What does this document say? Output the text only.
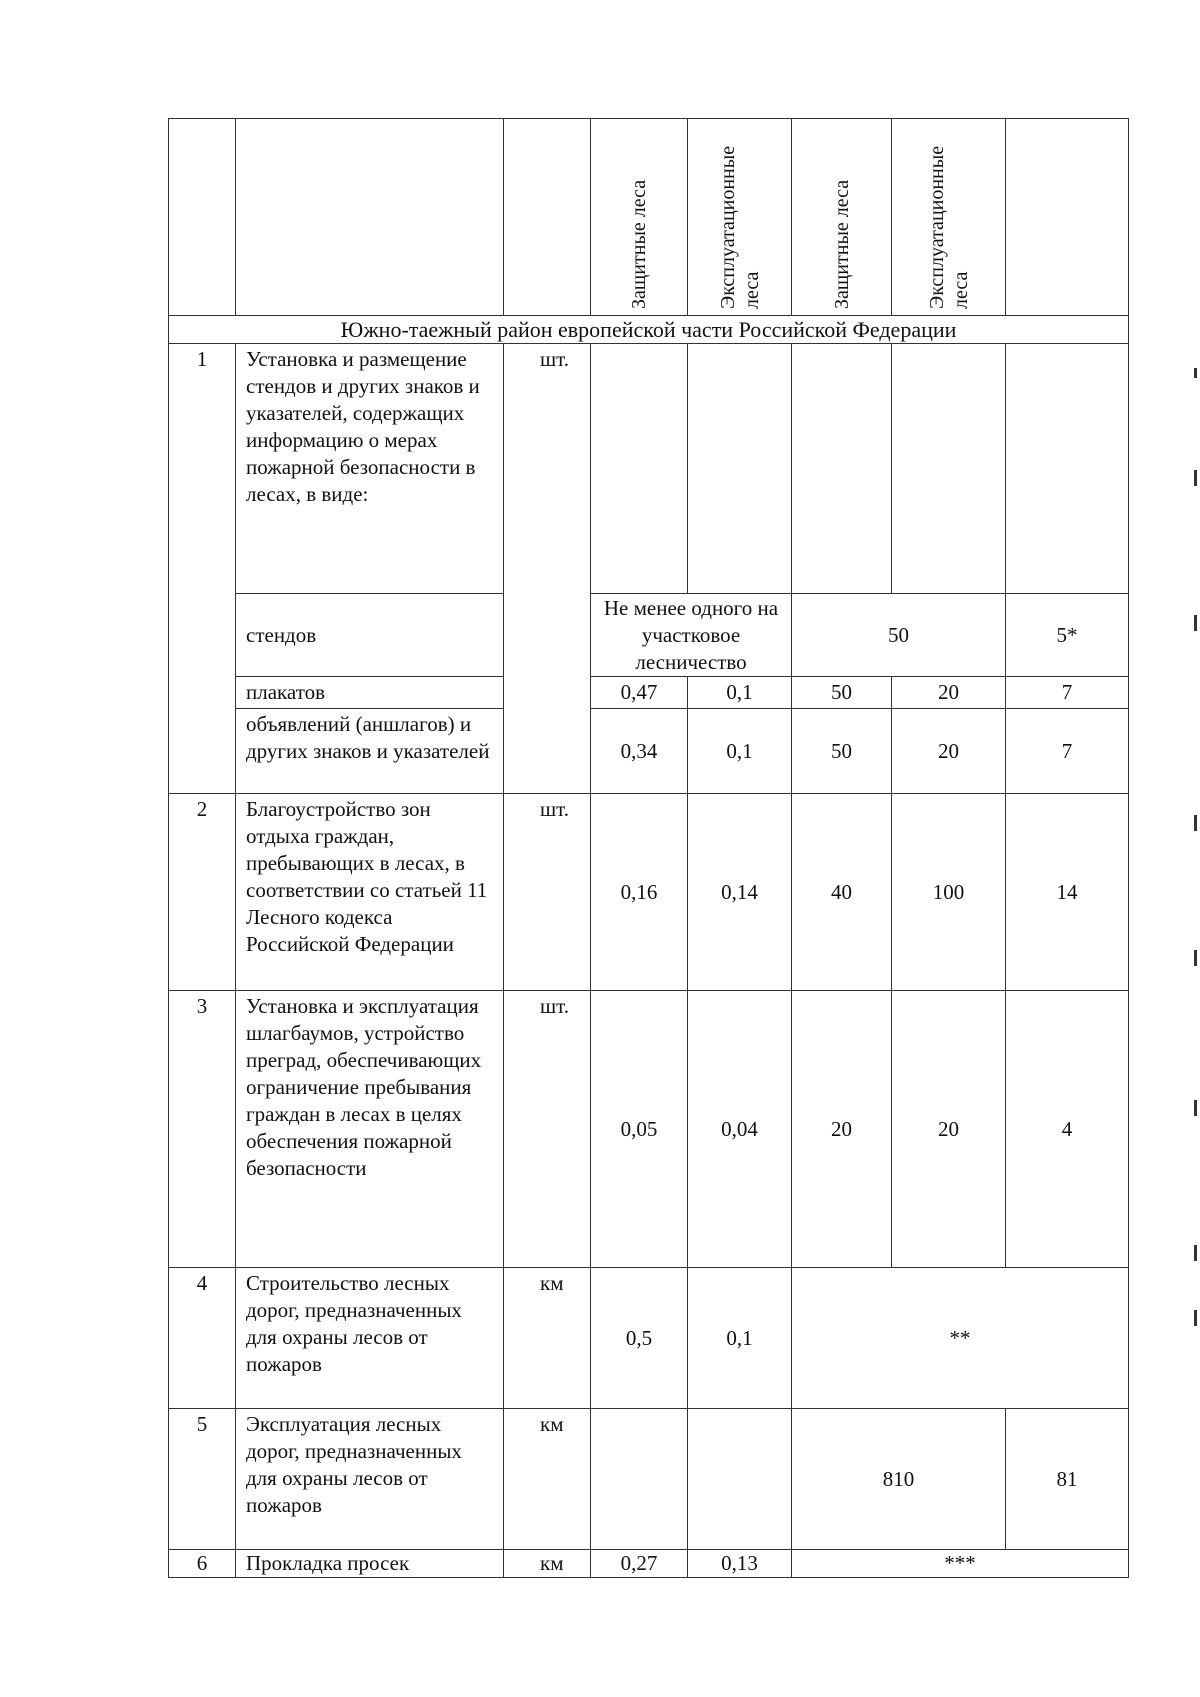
			Защитные леса	Эксплуатационные леса	Защитные леса	Эксплуатационные леса	

Южно-таежный район европейской части Российской Федерации							
1	Установка и размещение стендов и других знаков и указателей, содержащих информацию о мерах пожарной безопасности в лесах, в виде:	шт.					
	стендов		Не менее одного на участковое лесничество		50		5*
	плакатов		0,47	0,1	50	20	7
	объявлений (аншлагов) и других знаков и указателей		0,34	0,1	50	20	7
2	Благоустройство зон отдыха граждан, пребывающих в лесах, в соответствии со статьей 11 Лесного кодекса Российской Федерации	шт.	0,16	0,14	40	100	14
3	Установка и эксплуатация шлагбаумов, устройство преград, обеспечивающих ограничение пребывания граждан в лесах в целях обеспечения пожарной безопасности	шт.	0,05	0,04	20	20	4
4	Строительство лесных дорог, предназначенных для охраны лесов от пожаров	км	0,5	0,1	**		
5	Эксплуатация лесных дорог, предназначенных для охраны лесов от пожаров	км			810		81
6	Прокладка просек	км	0,27	0,13	***		
